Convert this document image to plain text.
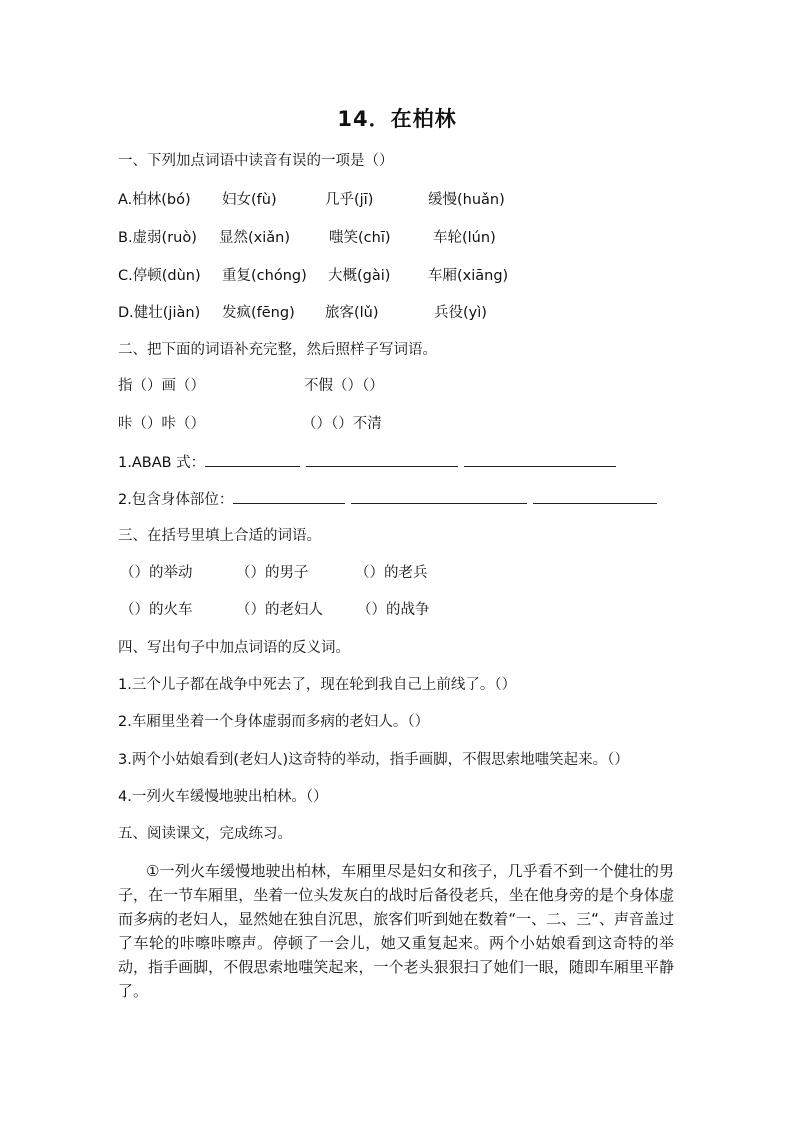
14．在柏林
一、下列加点词语中读音有误的一项是（）
A.柏林(bó) 妇女(fù)	几乎(jī)	缓慢(huǎn)
B.虚弱(ruò) 显然(xiǎn)	嗤笑(chī)	车轮(lún)
C.停顿(dùn) 重复(chóng) 大概(gài)	车厢(xiāng)
D.健壮(jiàn) 发疯(fēng) 旅客(lǔ)	兵役(yì)
二、把下面的词语补充完整，然后照样子写词语。
指（）画（）	不假（）（）
咔（）咔（）	（）（）不清
1.ABAB 式：
2.包含身体部位：
三、在括号里填上合适的词语。
（）的举动	（）的男子	（）的老兵
（）的火车	（）的老妇人 （）的战争
四、写出句子中加点词语的反义词。
1.三个儿子都在战争中死去了，现在轮到我自己上前线了。（）
2.车厢里坐着一个身体虚弱而多病的老妇人。（）
3.两个小姑娘看到(老妇人)这奇特的举动，指手画脚，不假思索地嗤笑起来。（）
4.一列火车缓慢地驶出柏林。（）
五、阅读课文，完成练习。
①一列火车缓慢地驶出柏林，车厢里尽是妇女和孩子，几乎看不到一个健壮的男子，在一节车厢里，坐着一位头发灰白的战时后备役老兵，坐在他身旁的是个身体虚而多病的老妇人，显然她在独自沉思，旅客们听到她在数着“一、二、三“、声音盖过了车轮的咔嚓咔嚓声。停顿了一会儿，她又重复起来。两个小姑娘看到这奇特的举动，指手画脚，不假思索地嗤笑起来，一个老头狠狠扫了她们一眼，随即车厢里平静了。
